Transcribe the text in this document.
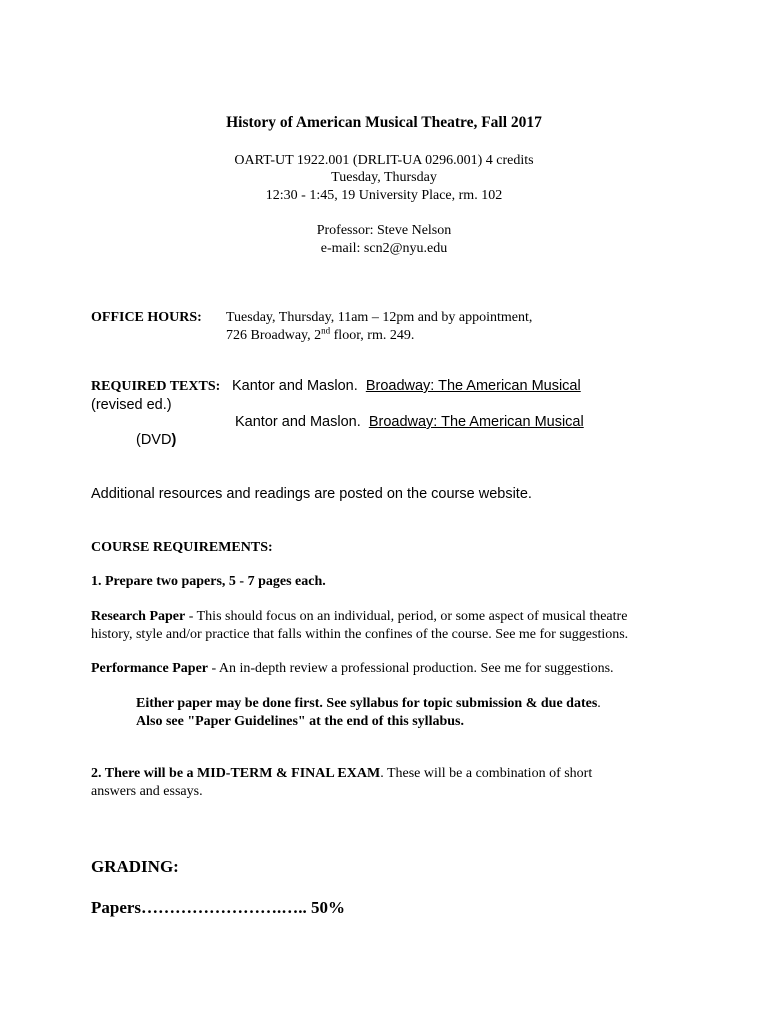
History of American Musical Theatre, Fall 2017
OART-UT 1922.001 (DRLIT-UA 0296.001) 4 credits
Tuesday, Thursday
12:30 - 1:45, 19 University Place, rm. 102
Professor: Steve Nelson
e-mail: scn2@nyu.edu
OFFICE HOURS: Tuesday, Thursday, 11am – 12pm and by appointment,
726 Broadway, 2nd floor, rm. 249.
REQUIRED TEXTS: Kantor and Maslon. Broadway: The American Musical
(revised ed.)
Kantor and Maslon. Broadway: The American Musical
(DVD)
Additional resources and readings are posted on the course website.
COURSE REQUIREMENTS:
1. Prepare two papers, 5 - 7 pages each.
Research Paper - This should focus on an individual, period, or some aspect of musical theatre
history, style and/or practice that falls within the confines of the course. See me for suggestions.
Performance Paper - An in-depth review a professional production. See me for suggestions.
Either paper may be done first. See syllabus for topic submission & due dates.
Also see "Paper Guidelines" at the end of this syllabus.
2. There will be a MID-TERM & FINAL EXAM. These will be a combination of short
answers and essays.
GRADING:
Papers…………………….….. 50%
